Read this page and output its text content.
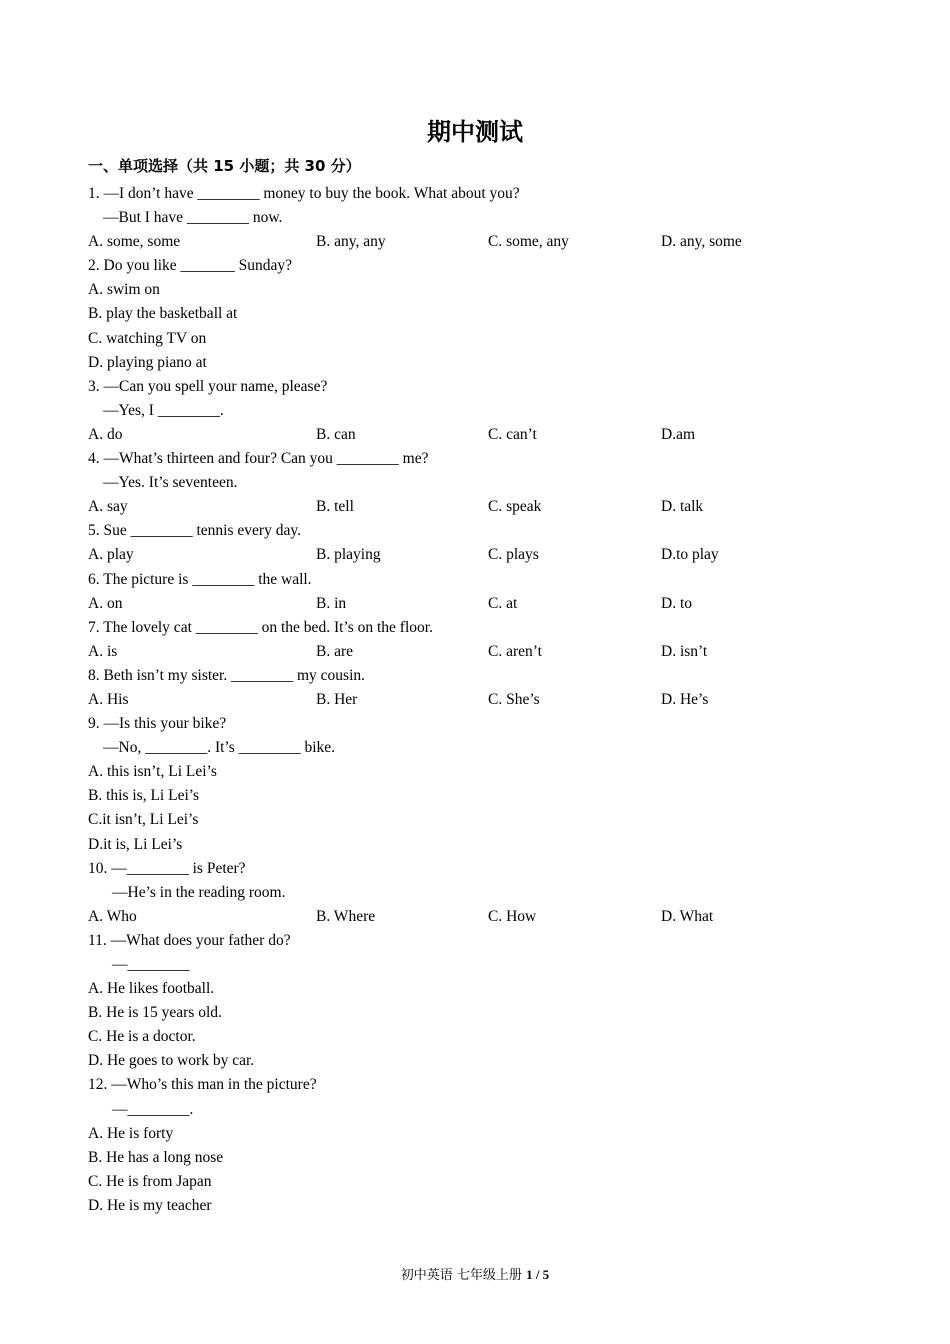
期中测试
一、单项选择（共 15 小题；共 30 分）
1. —I don’t have ________ money to buy the book. What about you?
—But I have ________ now.
A. some, some	B. any, any	C. some, any	D. any, some
2. Do you like _______ Sunday?
A. swim on
B. play the basketball at
C. watching TV on
D. playing piano at
3. —Can you spell your name, please?
—Yes, I ________.
A. do	B. can	C. can’t	D.am
4. —What’s thirteen and four? Can you ________ me?
—Yes. It’s seventeen.
A. say	B. tell	C. speak	D. talk
5. Sue ________ tennis every day.
A. play	B. playing	C. plays	D.to play
6. The picture is ________ the wall.
A. on	B. in	C. at	D. to
7. The lovely cat ________ on the bed. It’s on the floor.
A. is	B. are	C. aren’t	D. isn’t
8. Beth isn’t my sister. ________ my cousin.
A. His	B. Her	C. She’s	D. He’s
9. —Is this your bike?
—No, ________. It’s ________ bike.
A. this isn’t, Li Lei’s
B. this is, Li Lei’s
C.it isn’t, Li Lei’s
D.it is, Li Lei’s
10. —________ is Peter?
—He’s in the reading room.
A. Who	B. Where	C. How	D. What
11. —What does your father do?
—________
A. He likes football.
B. He is 15 years old.
C. He is a doctor.
D. He goes to work by car.
12. —Who’s this man in the picture?
—________.
A. He is forty
B. He has a long nose
C. He is from Japan
D. He is my teacher
初中英语 七年级上册 1 / 5
